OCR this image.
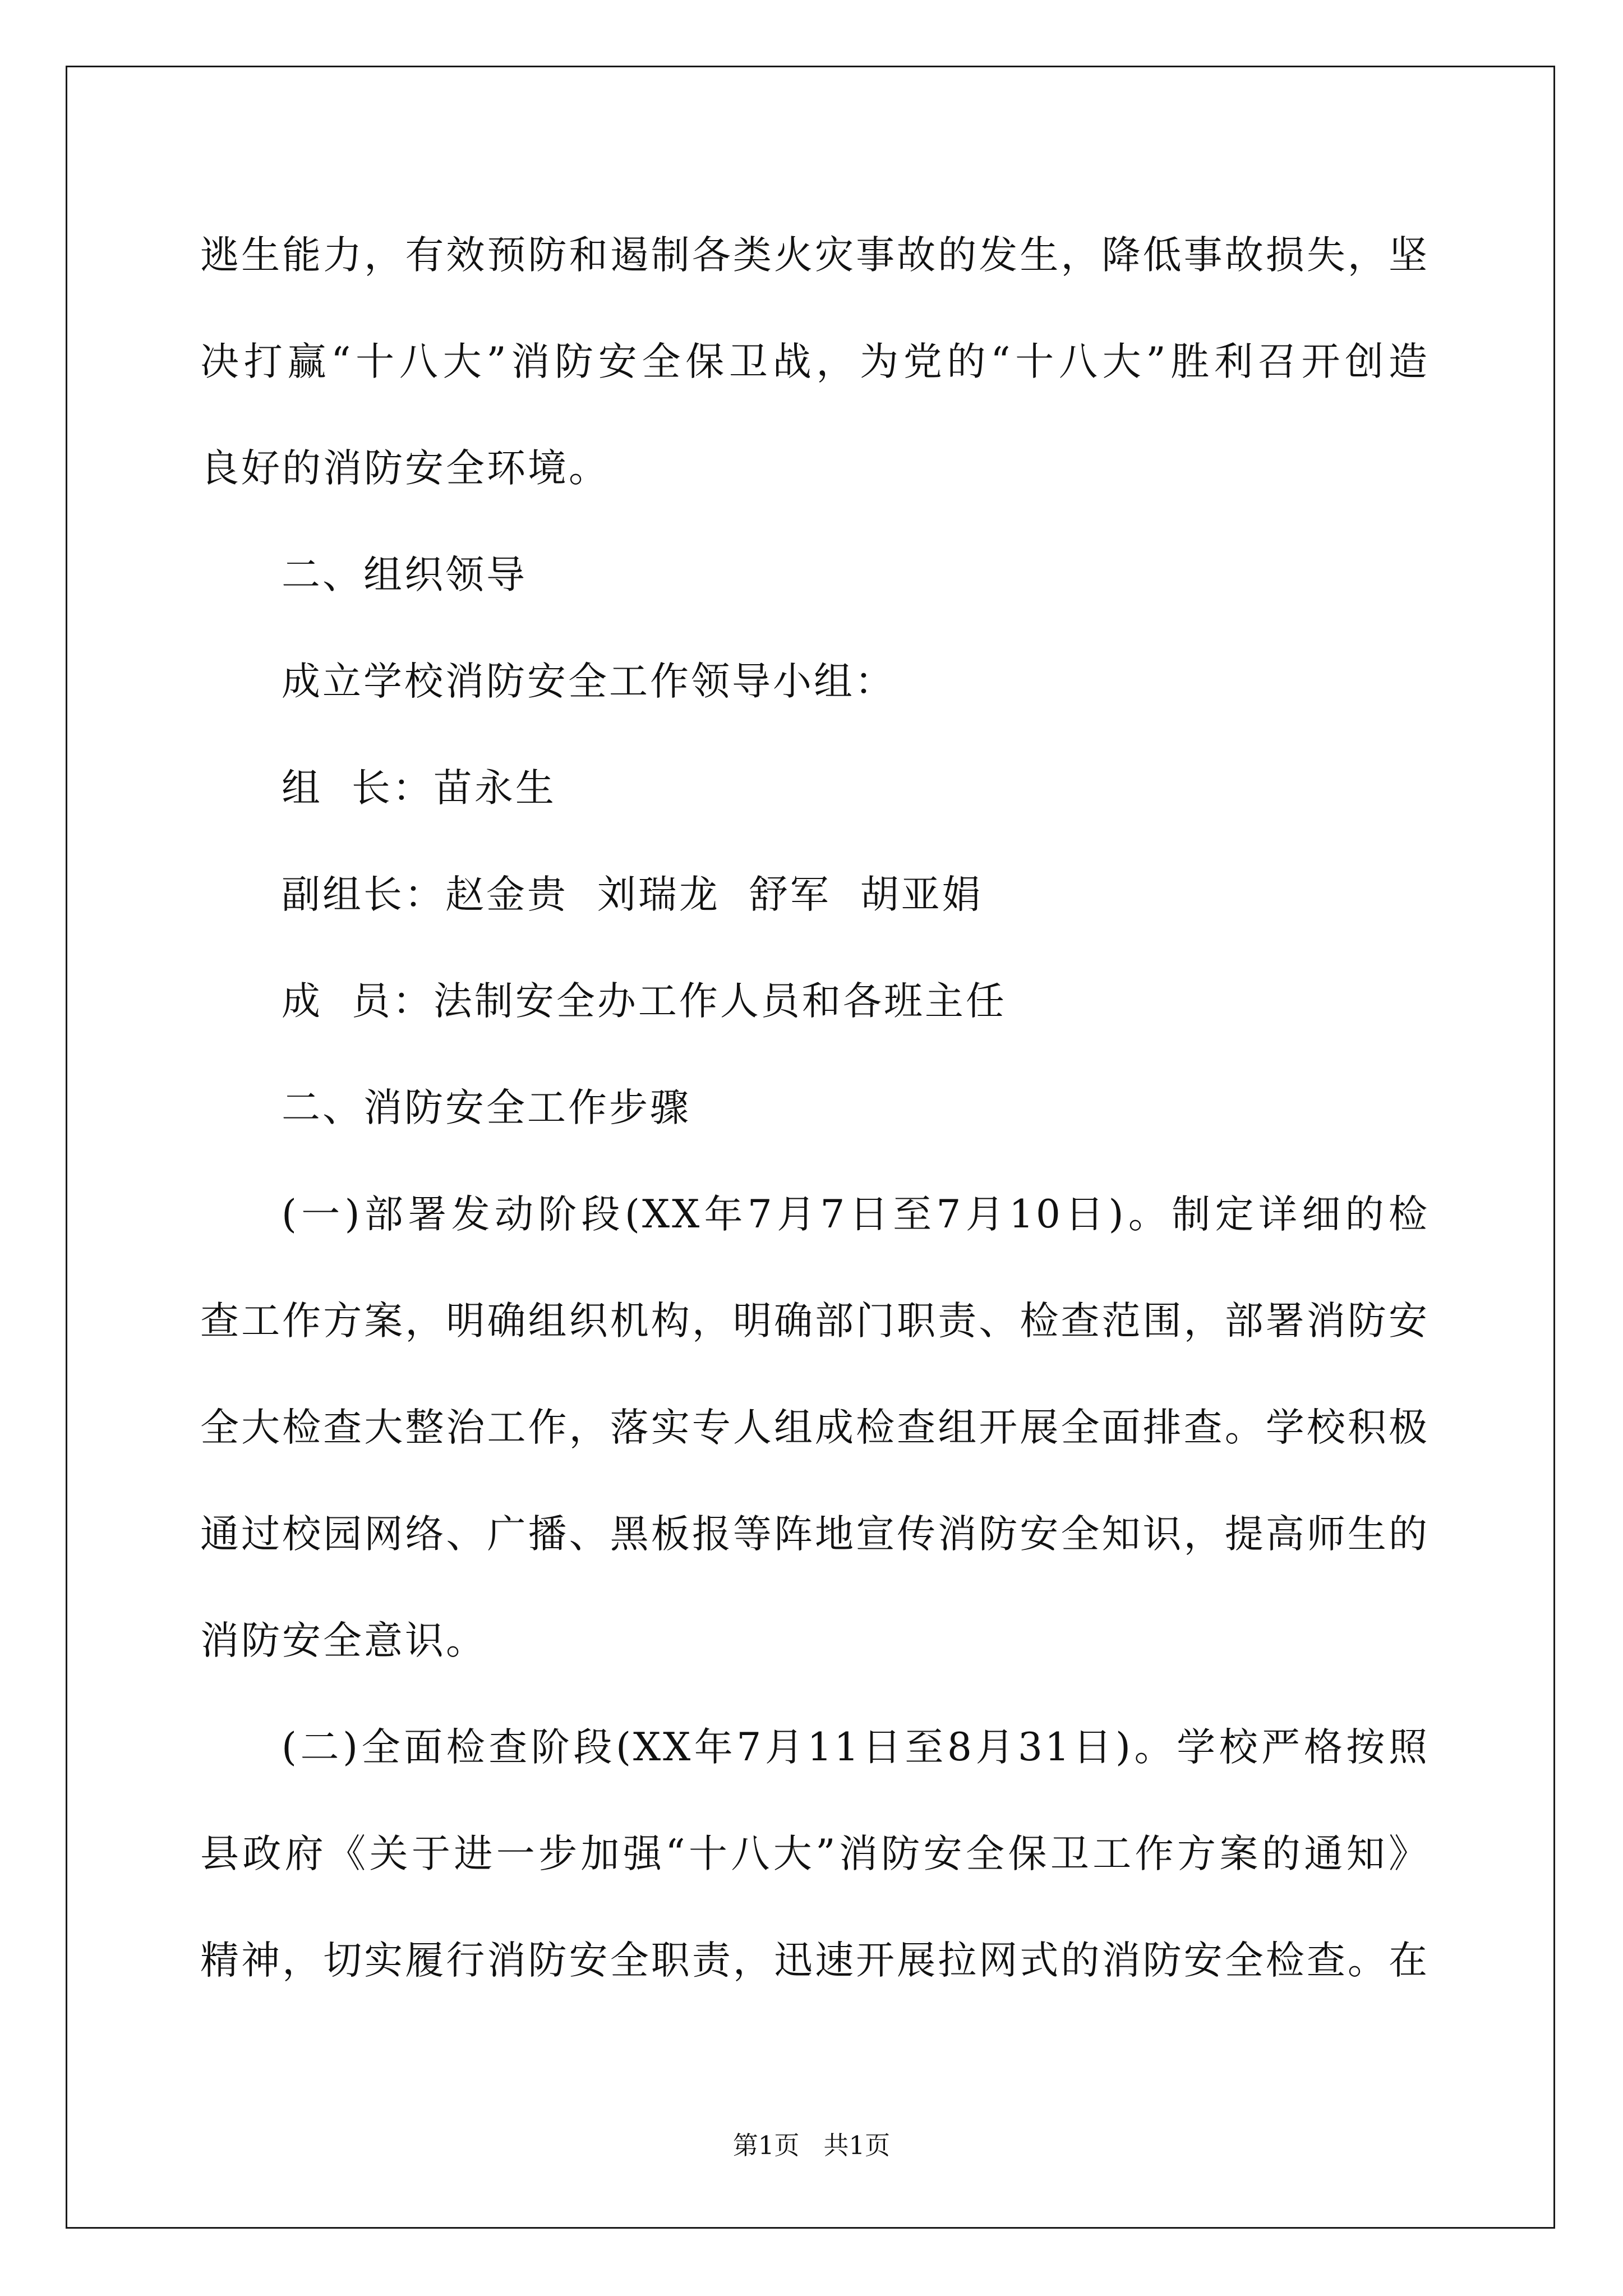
逃生能力，有效预防和遏制各类火灾事故的发生，降低事故损失，坚
决打赢“十八大”消防安全保卫战，为党的“十八大”胜利召开创造
良好的消防安全环境。
二、组织领导
成立学校消防安全工作领导小组：
组  长：苗永生
副组长：赵金贵  刘瑞龙  舒军  胡亚娟
成  员：法制安全办工作人员和各班主任
二、消防安全工作步骤
(一)部署发动阶段(XX年7月7日至7月10日)。制定详细的检
查工作方案，明确组织机构，明确部门职责、检查范围，部署消防安
全大检查大整治工作，落实专人组成检查组开展全面排查。学校积极
通过校园网络、广播、黑板报等阵地宣传消防安全知识，提高师生的
消防安全意识。
(二)全面检查阶段(XX年7月11日至8月31日)。学校严格按照
县政府《关于进一步加强“十八大”消防安全保卫工作方案的通知》
精神，切实履行消防安全职责，迅速开展拉网式的消防安全检查。在
第1页   共1页
